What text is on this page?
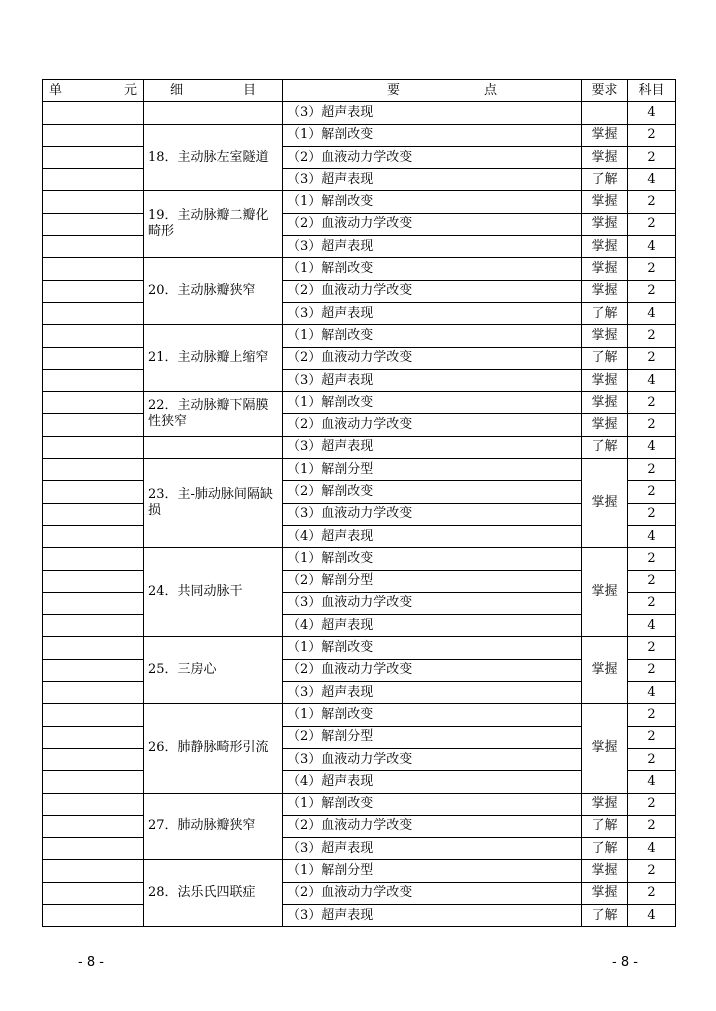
单 元	细 目	要 点	要求	科目
		（3）超声表现		4
	18．主动脉左室隧道	（1）解剖改变	掌握	2
		（2）血液动力学改变	掌握	2
		（3）超声表现	了解	4
	19．主动脉瓣二瓣化畸形	（1）解剖改变	掌握	2
		（2）血液动力学改变	掌握	2
		（3）超声表现	掌握	4
	20．主动脉瓣狭窄	（1）解剖改变	掌握	2
		（2）血液动力学改变	掌握	2
		（3）超声表现	了解	4
	21．主动脉瓣上缩窄	（1）解剖改变	掌握	2
		（2）血液动力学改变	了解	2
		（3）超声表现	掌握	4
	22．主动脉瓣下隔膜性狭窄	（1）解剖改变	掌握	2
		（2）血液动力学改变	掌握	2
		（3）超声表现	了解	4
	23．主-肺动脉间隔缺损	（1）解剖分型	掌握	2
		（2）解剖改变		2
		（3）血液动力学改变		2
		（4）超声表现		4
	24．共同动脉干	（1）解剖改变	掌握	2
		（2）解剖分型		2
		（3）血液动力学改变		2
		（4）超声表现		4
	25．三房心	（1）解剖改变	掌握	2
		（2）血液动力学改变		2
		（3）超声表现		4
	26．肺静脉畸形引流	（1）解剖改变	掌握	2
		（2）解剖分型		2
		（3）血液动力学改变		2
		（4）超声表现		4
	27．肺动脉瓣狭窄	（1）解剖改变	掌握	2
		（2）血液动力学改变	了解	2
		（3）超声表现	了解	4
	28．法乐氏四联症	（1）解剖分型	掌握	2
		（2）血液动力学改变	掌握	2
		（3）超声表现	了解	4
- 8 -	- 8 -
